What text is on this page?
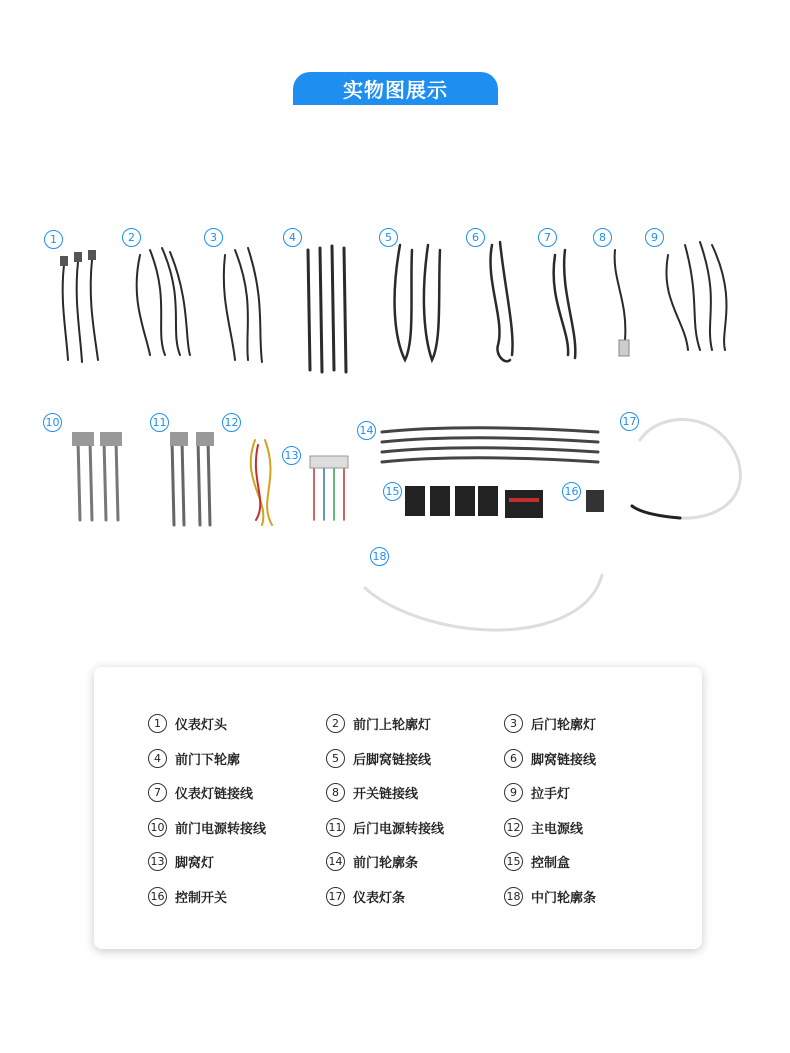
实物图展示
1	2	3	4	5	6	7	8	9
10	11	12
13
14
15	16
17
18
1	仪表灯头	2	前门上轮廓灯	3	后门轮廓灯
4	前门下轮廓	5	后脚窝链接线	6	脚窝链接线
7	仪表灯链接线	8	开关链接线	9	拉手灯
10 前门电源转接线	11 后门电源转接线	12 主电源线
13 脚窝灯	14 前门轮廓条	15 控制盒
16 控制开关	17 仪表灯条	18 中门轮廓条
